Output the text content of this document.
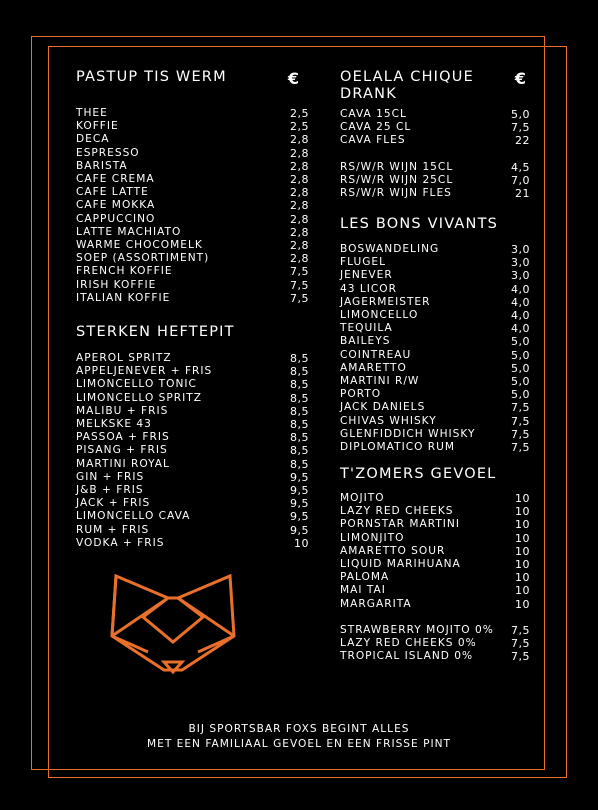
PASTUP TIS WERM	€
THEE	2,5
KOFFIE	2,5
DECA	2,8
ESPRESSO	2,8
BARISTA	2,8
CAFE CREMA	2,8
CAFE LATTE	2,8
CAFE MOKKA	2,8
CAPPUCCINO	2,8
LATTE MACHIATO	2,8
WARME CHOCOMELK	2,8
SOEP (ASSORTIMENT)	2,8
FRENCH KOFFIE	7,5
IRISH KOFFIE	7,5
ITALIAN KOFFIE	7,5
STERKEN HEFTEPIT
APEROL SPRITZ	8,5
APPELJENEVER + FRIS	8,5
LIMONCELLO TONIC	8,5
LIMONCELLO SPRITZ	8,5
MALIBU + FRIS	8,5
MELKSKE 43	8,5
PASSOA + FRIS	8,5
PISANG + FRIS	8,5
MARTINI ROYAL	8,5
GIN + FRIS	9,5
J&B + FRIS	9,5
JACK + FRIS	9,5
LIMONCELLO CAVA	9,5
RUM + FRIS	9,5
VODKA + FRIS	10
OELALA CHIQUE
DRANK
€
CAVA 15CL	5,0
CAVA 25 CL	7,5
CAVA FLES	22
RS/W/R WIJN 15CL	4,5
RS/W/R WIJN 25CL	7,0
RS/W/R WIJN FLES	21
LES BONS VIVANTS
BOSWANDELING	3,0
FLUGEL	3,0
JENEVER	3,0
43 LICOR	4,0
JAGERMEISTER	4,0
LIMONCELLO	4,0
TEQUILA	4,0
BAILEYS	5,0
COINTREAU	5,0
AMARETTO	5,0
MARTINI R/W	5,0
PORTO	5,0
JACK DANIELS	7,5
CHIVAS WHISKY	7,5
GLENFIDDICH WHISKY	7,5
DIPLOMATICO RUM	7,5
T'ZOMERS GEVOEL
MOJITO	10
LAZY RED CHEEKS	10
PORNSTAR MARTINI	10
LIMONJITO	10
AMARETTO SOUR	10
LIQUID MARIHUANA	10
PALOMA	10
MAI TAI	10
MARGARITA	10
STRAWBERRY MOJITO 0% 7,5
LAZY RED CHEEKS 0%	7,5
TROPICAL ISLAND 0%	7,5
BIJ SPORTSBAR FOXS BEGINT ALLES
MET EEN FAMILIAAL GEVOEL EN EEN FRISSE PINT
